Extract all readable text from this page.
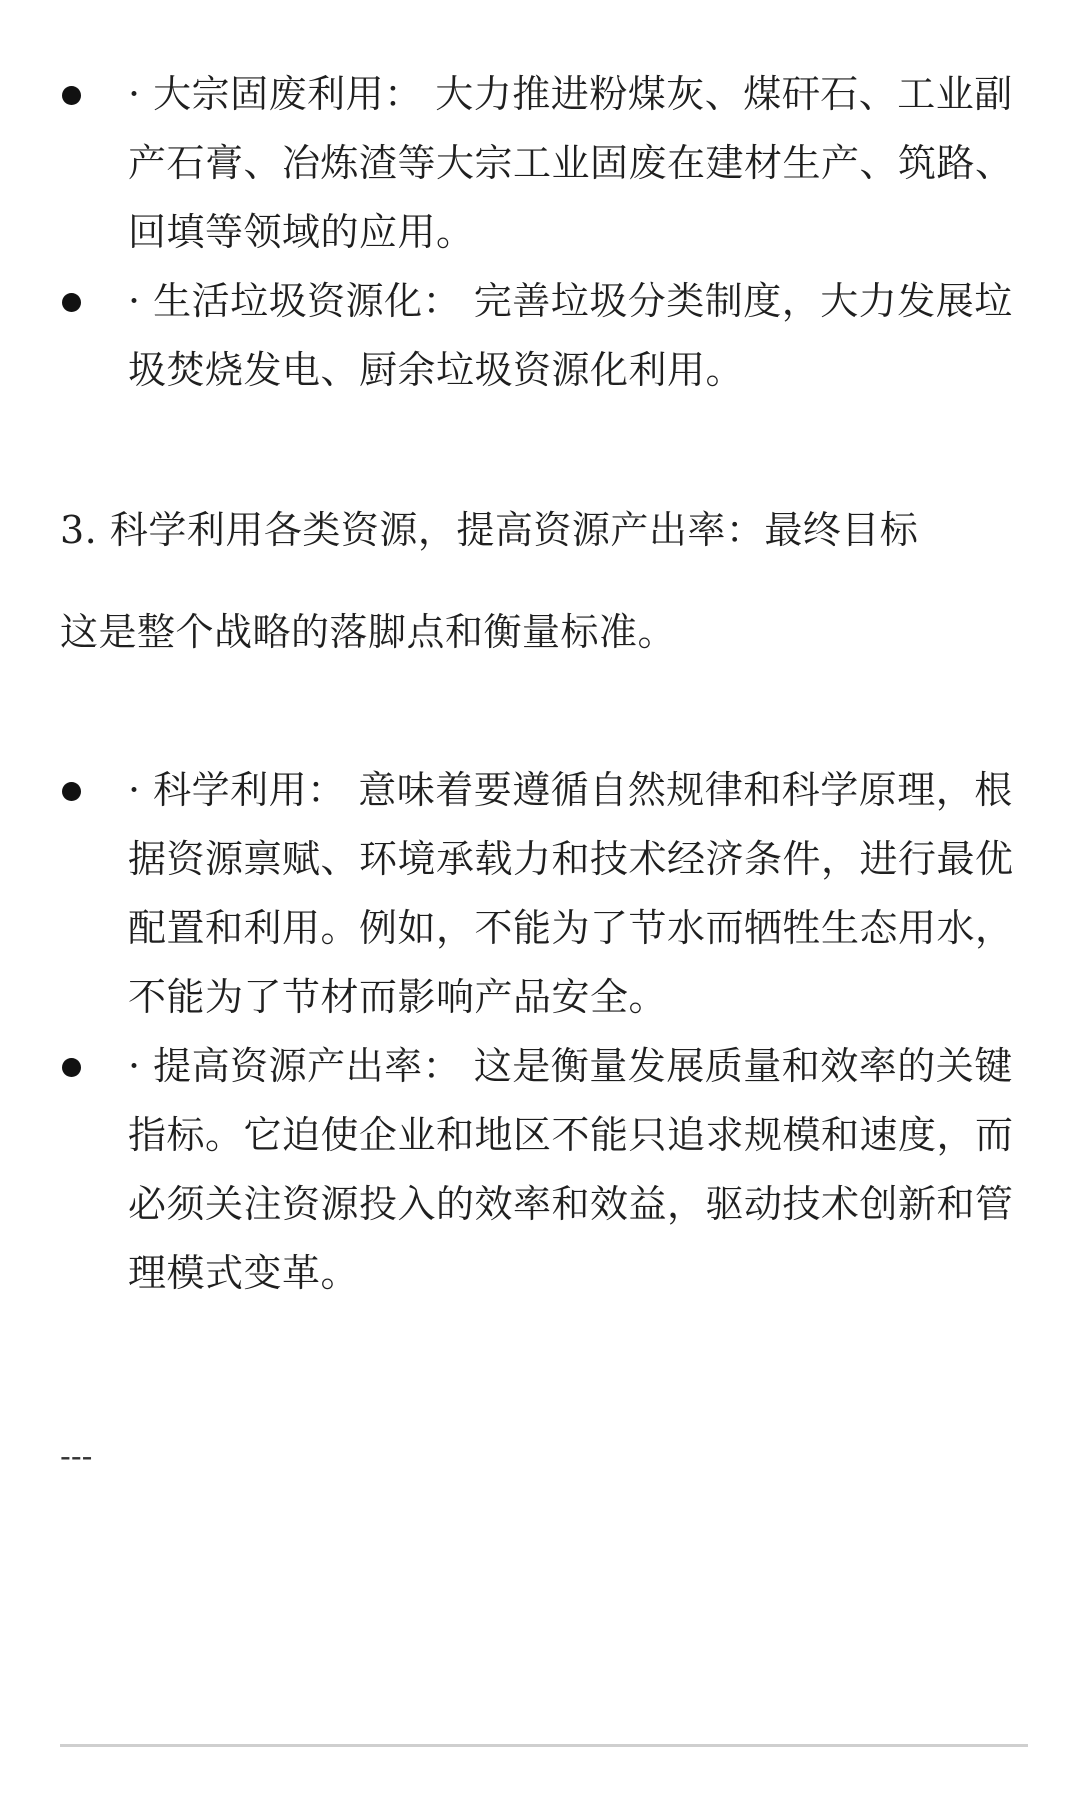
· 大宗固废利用： 大力推进粉煤灰、煤矸石、工业副产石膏、冶炼渣等大宗工业固废在建材生产、筑路、回填等领域的应用。
· 生活垃圾资源化： 完善垃圾分类制度，大力发展垃圾焚烧发电、厨余垃圾资源化利用。

3. 科学利用各类资源，提高资源产出率：最终目标

这是整个战略的落脚点和衡量标准。

· 科学利用： 意味着要遵循自然规律和科学原理，根据资源禀赋、环境承载力和技术经济条件，进行最优配置和利用。例如，不能为了节水而牺牲生态用水，不能为了节材而影响产品安全。
· 提高资源产出率： 这是衡量发展质量和效率的关键指标。它迫使企业和地区不能只追求规模和速度，而必须关注资源投入的效率和效益，驱动技术创新和管理模式变革。

---
